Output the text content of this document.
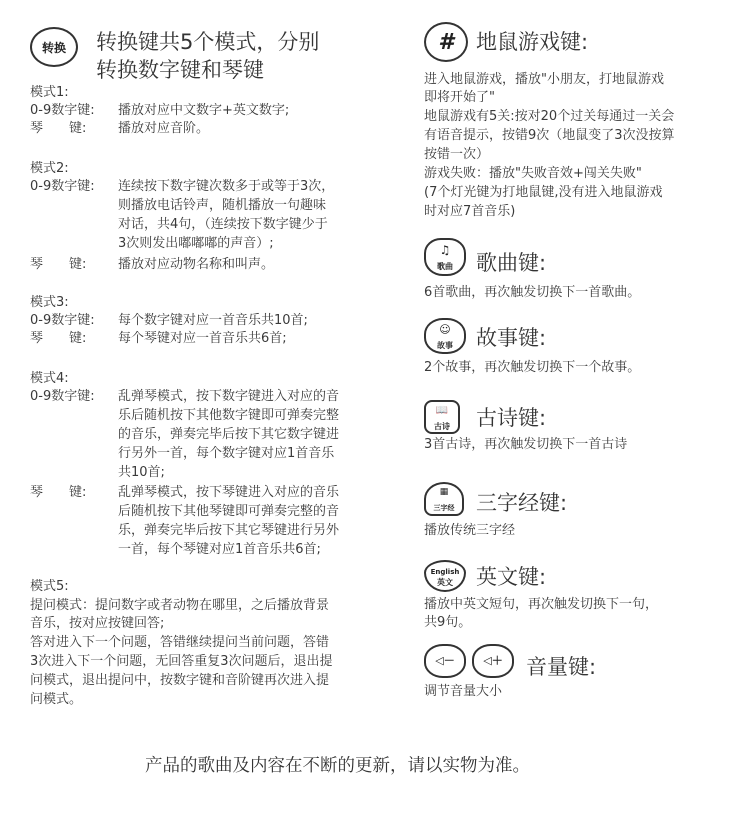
转换	转换键共5个模式，分别
转换数字键和琴键
模式1:
0-9数字键: 播放对应中文数字+英文数字;
琴　　键: 播放对应音阶。
模式2:
0-9数字键: 连续按下数字键次数多于或等于3次，
则播放电话铃声，随机播放一句趣味
对话，共4句，（连续按下数字键少于
3次则发出嘟嘟嘟的声音）;
琴　　键: 播放对应动物名称和叫声。
模式3:
0-9数字键: 每个数字键对应一首音乐共10首;
琴　　键: 每个琴键对应一首音乐共6首;
模式4:
0-9数字键: 乱弹琴模式，按下数字键进入对应的音
乐后随机按下其他数字键即可弹奏完整
的音乐，弹奏完毕后按下其它数字键进
行另外一首，每个数字键对应1首音乐
共10首;
琴　　键: 乱弹琴模式，按下琴键进入对应的音乐
后随机按下其他琴键即可弹奏完整的音
乐，弹奏完毕后按下其它琴键进行另外
一首，每个琴键对应1首音乐共6首;
模式5:
提问模式：提问数字或者动物在哪里，之后播放背景
音乐，按对应按键回答;
答对进入下一个问题，答错继续提问当前问题，答错
3次进入下一个问题，无回答重复3次问题后，退出提
问模式，退出提问中，按数字键和音阶键再次进入提
问模式。
#	地鼠游戏键:
进入地鼠游戏，播放"小朋友，打地鼠游戏
即将开始了"
地鼠游戏有5关:按对20个过关每通过一关会
有语音提示，按错9次（地鼠变了3次没按算
按错一次）
游戏失败：播放"失败音效+闯关失败"
(7个灯光键为打地鼠键,没有进入地鼠游戏
时对应7首音乐)
♫
歌曲	歌曲键:
6首歌曲，再次触发切换下一首歌曲。
☺
故事	故事键:
2个故事，再次触发切换下一个故事。
📖
古诗	古诗键:
3首古诗，再次触发切换下一首古诗
▦
三字经	三字经键:
播放传统三字经
English
英文	英文键:
播放中英文短句，再次触发切换下一句，
共9句。
◁－	◁＋	音量键:
调节音量大小
产品的歌曲及内容在不断的更新，请以实物为准。
